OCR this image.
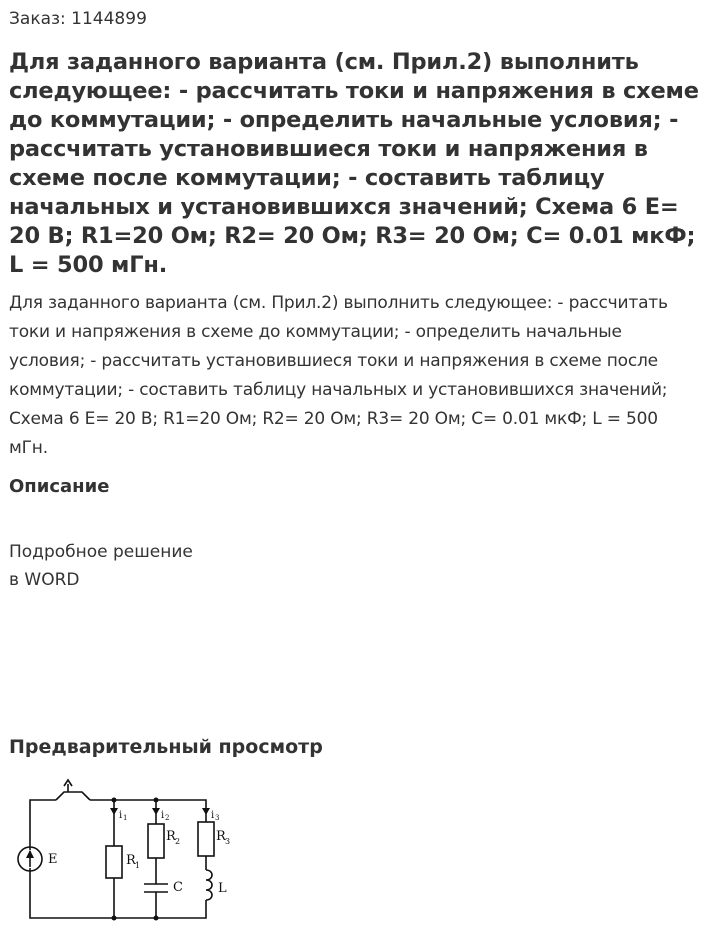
Заказ: 1144899
Для заданного варианта (см. Прил.2) выполнить следующее: - рассчитать токи и напряжения в схеме до коммутации; - определить начальные условия; - рассчитать установившиеся токи и напряжения в схеме после коммутации; - составить таблицу начальных и установившихся значений; Схема 6 E= 20 В; R1=20 Ом; R2= 20 Ом; R3= 20 Ом; C= 0.01 мкФ; L = 500 мГн.
Для заданного варианта (см. Прил.2) выполнить следующее: - рассчитать токи и напряжения в схеме до коммутации; - определить начальные условия; - рассчитать установившиеся токи и напряжения в схеме после коммутации; - составить таблицу начальных и установившихся значений; Схема 6 E= 20 В; R1=20 Ом; R2= 20 Ом; R3= 20 Ом; C= 0.01 мкФ; L = 500 мГн.
Описание
Подробное решение
в WORD
Предварительный просмотр
E	R 1
R 2	R 3
C	L
i 1	i 2	i 3
